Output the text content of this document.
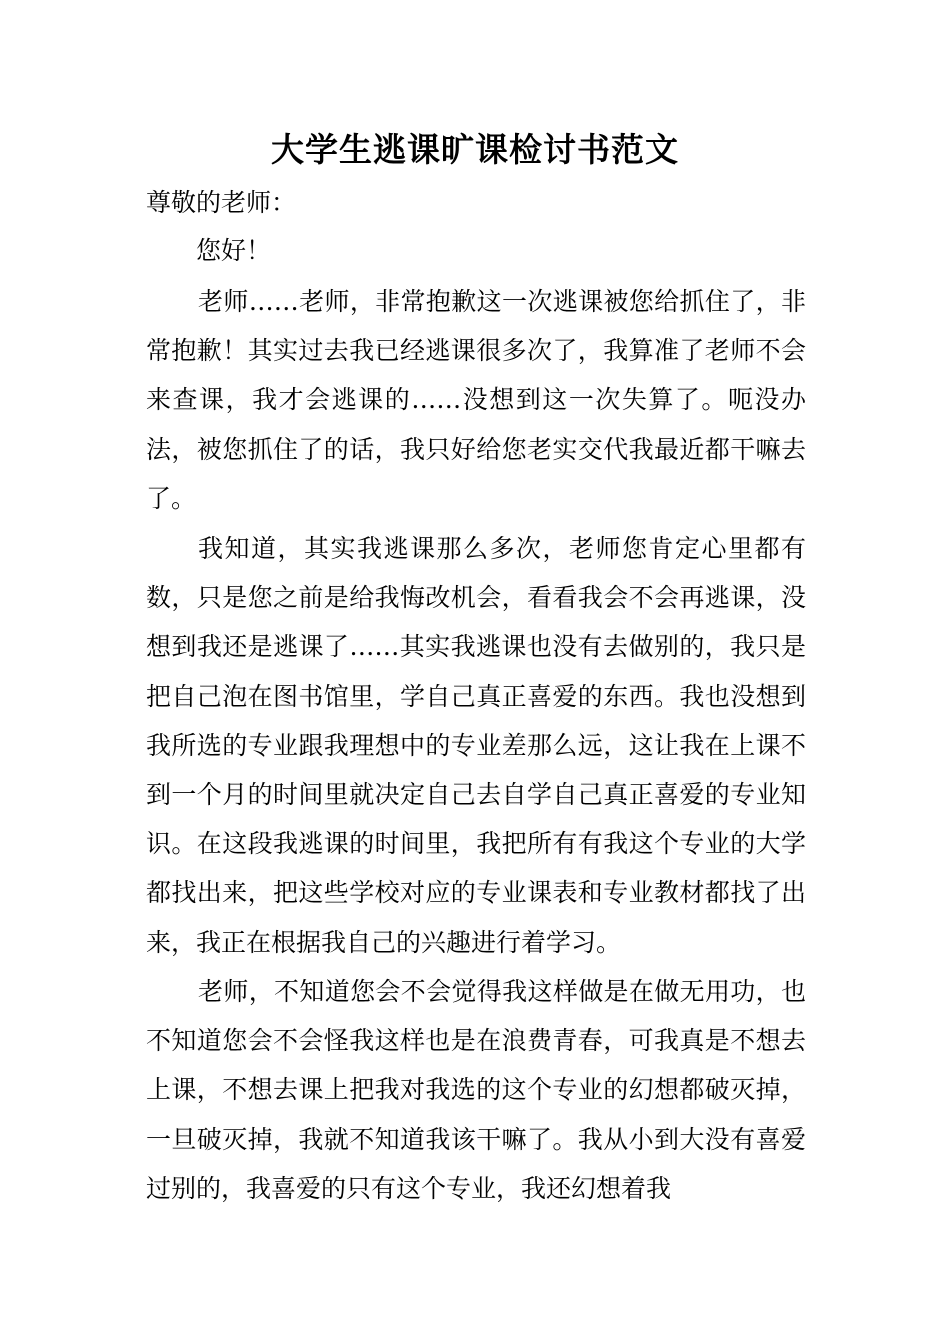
大学生逃课旷课检讨书范文

尊敬的老师：

您好！

老师……老师，非常抱歉这一次逃课被您给抓住了，非常抱歉！其实过去我已经逃课很多次了，我算准了老师不会来查课，我才会逃课的……没想到这一次失算了。呃没办法，被您抓住了的话，我只好给您老实交代我最近都干嘛去了。

我知道，其实我逃课那么多次，老师您肯定心里都有数，只是您之前是给我悔改机会，看看我会不会再逃课，没想到我还是逃课了……其实我逃课也没有去做别的，我只是把自己泡在图书馆里，学自己真正喜爱的东西。我也没想到我所选的专业跟我理想中的专业差那么远，这让我在上课不到一个月的时间里就决定自己去自学自己真正喜爱的专业知识。在这段我逃课的时间里，我把所有有我这个专业的大学都找出来，把这些学校对应的专业课表和专业教材都找了出来，我正在根据我自己的兴趣进行着学习。

老师，不知道您会不会觉得我这样做是在做无用功，也不知道您会不会怪我这样也是在浪费青春，可我真是不想去上课，不想去课上把我对我选的这个专业的幻想都破灭掉，一旦破灭掉，我就不知道我该干嘛了。我从小到大没有喜爱过别的，我喜爱的只有这个专业，我还幻想着我
